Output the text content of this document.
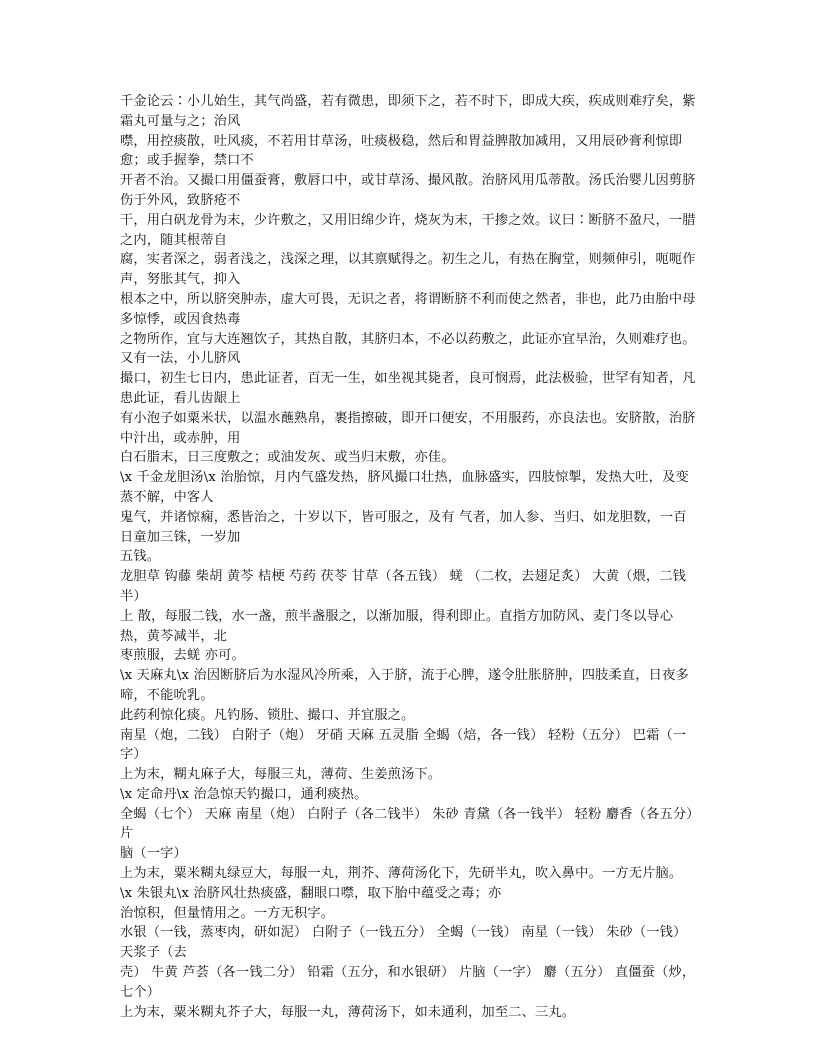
千金论云∶小儿始生，其气尚盛，若有微患，即须下之，若不时下，即成大疾，疾成则难疗矣，紫霜丸可量与之；治风

噤，用控痰散，吐风痰，不若用甘草汤，吐痰极稳，然后和胃益脾散加减用，又用辰砂膏利惊即愈；或手握拳，禁口不

开者不治。又撮口用僵蚕膏，敷唇口中，或甘草汤、撮风散。治脐风用瓜蒂散。汤氏治婴儿因剪脐伤于外风，致脐疮不

干，用白矾龙骨为末，少许敷之，又用旧绵少许，烧灰为末，干掺之效。议曰∶断脐不盈尺，一腊之内，随其根蒂自

腐，实者深之，弱者浅之，浅深之理，以其禀赋得之。初生之儿，有热在胸堂，则频伸引，呃呃作声，努胀其气，抑入

根本之中，所以脐突肿赤，虚大可畏，无识之者，将谓断脐不利而使之然者，非也，此乃由胎中母多惊悸，或因食热毒

之物所作，宜与大连翘饮子，其热自散，其脐归本，不必以药敷之，此证亦宜早治，久则难疗也。又有一法，小儿脐风

撮口，初生七日内，患此证者，百无一生，如坐视其毙者，良可悯焉，此法极验，世罕有知者，凡患此证，看儿齿龈上

有小泡子如粟米状，以温水蘸熟帛，裹指擦破，即开口便安，不用服药，亦良法也。安脐散，治脐中汁出，或赤肿，用

白石脂末，日三度敷之；或油发灰、或当归末敷，亦佳。

\x 千金龙胆汤\x 治胎惊，月内气盛发热，脐风撮口壮热，血脉盛实，四肢惊掣，发热大吐，及变蒸不解，中客人

鬼气，并诸惊痫，悉皆治之，十岁以下，皆可服之，及有 气者，加人参、当归、如龙胆数，一百日童加三铢，一岁加

五钱。

龙胆草 钩藤 柴胡 黄芩 桔梗 芍药 茯苓 甘草（各五钱） 蜣 （二枚，去翅足炙） 大黄（煨，二钱半）

上 散，每服二钱，水一盏，煎半盏服之，以渐加服，得利即止。直指方加防风、麦门冬以导心热，黄芩减半，北

枣煎服，去蜣 亦可。

\x 天麻丸\x 治因断脐后为水湿风冷所乘，入于脐，流于心脾，遂令肚胀脐肿，四肢柔直，日夜多啼，不能吮乳。

此药利惊化痰。凡钓肠、锁肚、撮口、并宜服之。

南星（炮，二钱） 白附子（炮） 牙硝 天麻 五灵脂 全蝎（焙，各一钱） 轻粉（五分） 巴霜（一字）

上为末，糊丸麻子大，每服三丸，薄荷、生姜煎汤下。

\x 定命丹\x 治急惊天钓撮口，通利痰热。

全蝎（七个） 天麻 南星（炮） 白附子（各二钱半） 朱砂 青黛（各一钱半） 轻粉 麝香（各五分） 片

脑（一字）

上为末，粟米糊丸绿豆大，每服一丸，荆芥、薄荷汤化下，先研半丸，吹入鼻中。一方无片脑。

\x 朱银丸\x 治脐风壮热痰盛，翻眼口噤，取下胎中蕴受之毒；亦

治惊积，但量情用之。一方无积字。

水银（一钱，蒸枣肉，研如泥） 白附子（一钱五分） 全蝎（一钱） 南星（一钱） 朱砂（一钱） 天浆子（去

壳） 牛黄 芦荟（各一钱二分） 铅霜（五分，和水银研） 片脑（一字） 麝（五分） 直僵蚕（炒，七个）

上为末，粟米糊丸芥子大，每服一丸，薄荷汤下，如未通利，加至二、三丸。
